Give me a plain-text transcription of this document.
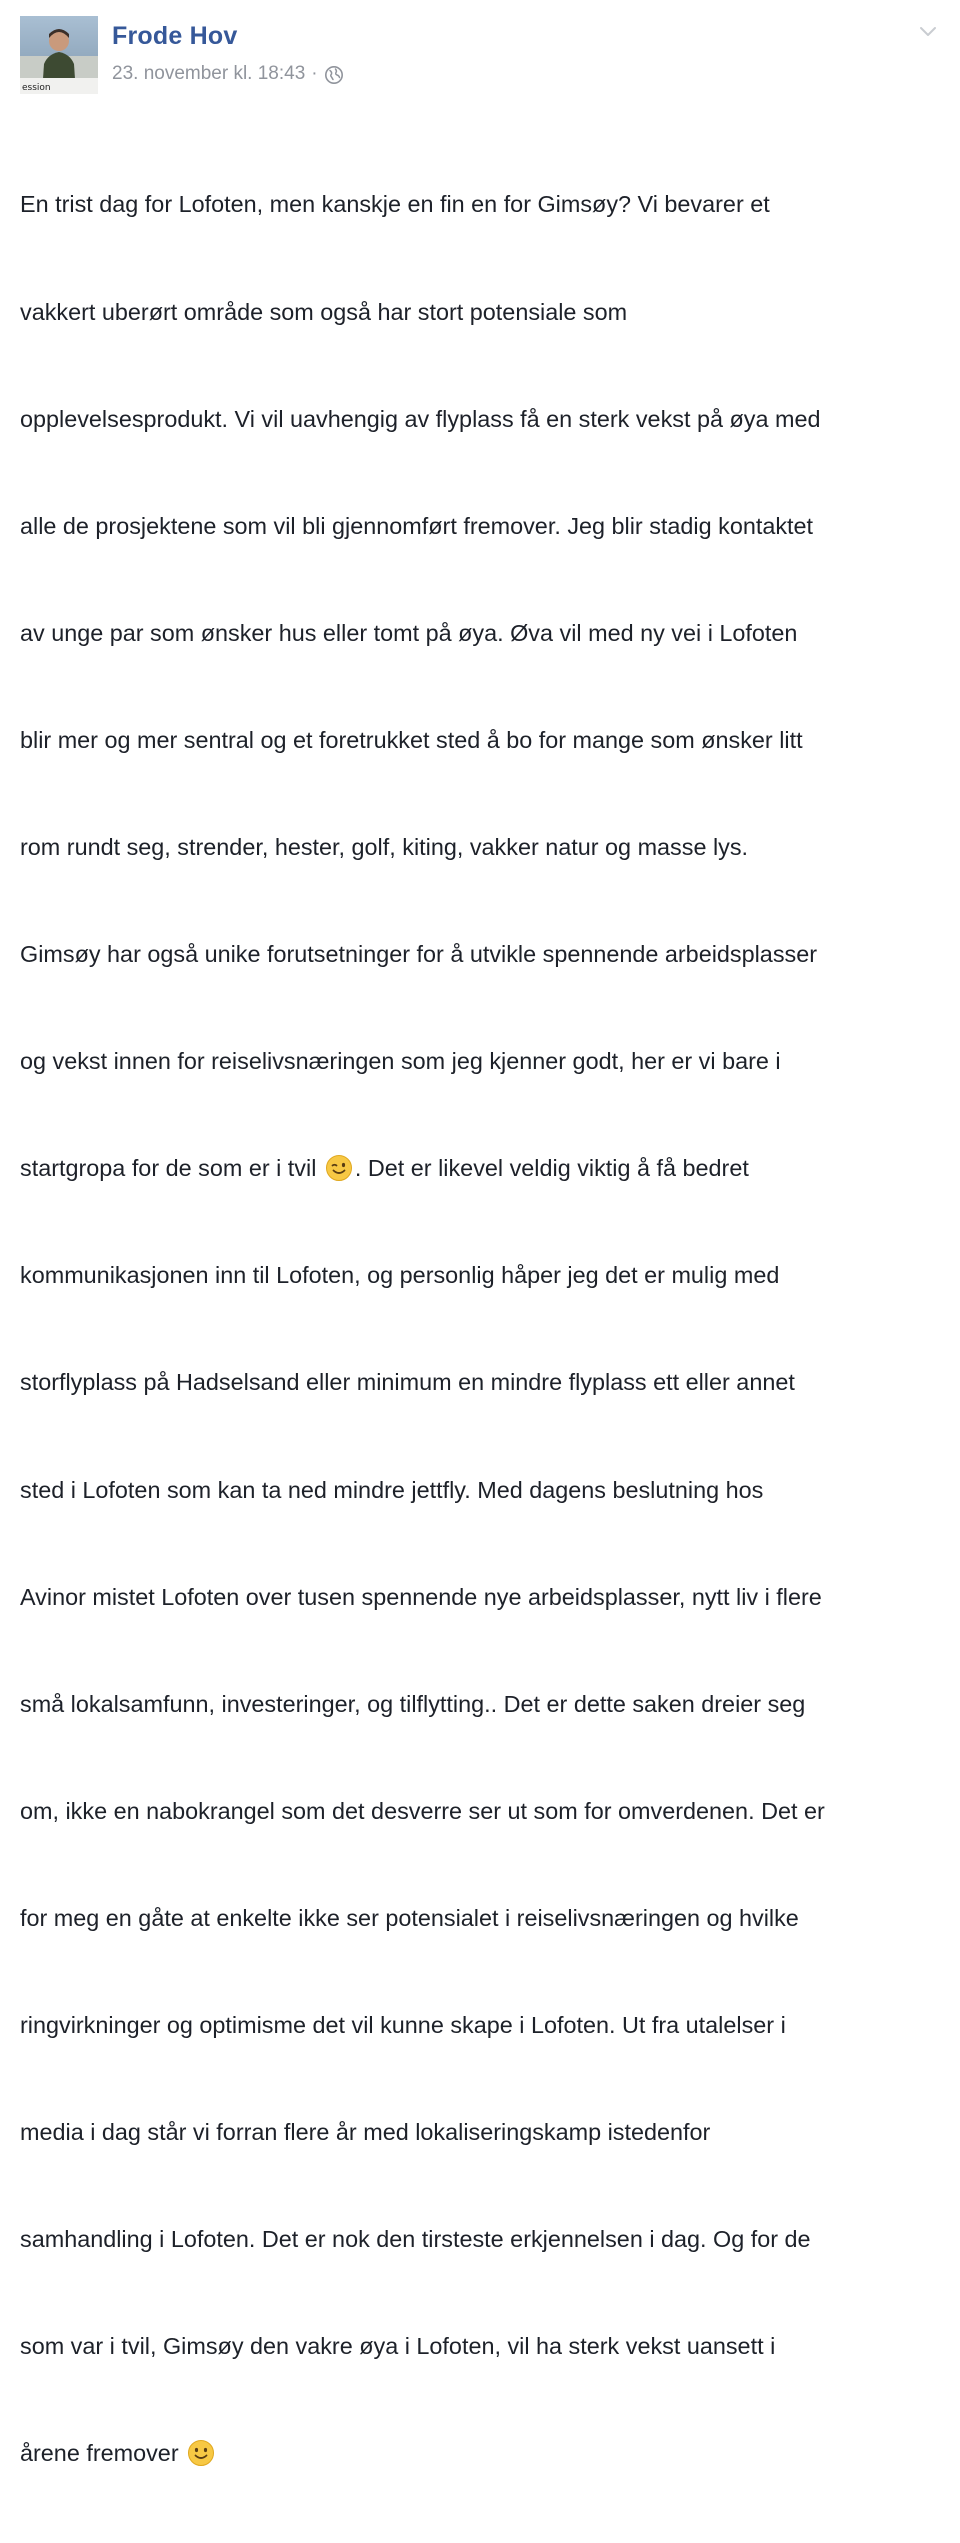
ession
Frode Hov
23. november kl. 18:43 ·

En trist dag for Lofoten, men kanskje en fin en for Gimsøy? Vi bevarer et

vakkert uberørt område som også har stort potensiale som

opplevelsesprodukt. Vi vil uavhengig av flyplass få en sterk vekst på øya med

alle de prosjektene som vil bli gjennomført fremover. Jeg blir stadig kontaktet

av unge par som ønsker hus eller tomt på øya. Øva vil med ny vei i Lofoten

blir mer og mer sentral og et foretrukket sted å bo for mange som ønsker litt

rom rundt seg, strender, hester, golf, kiting, vakker natur og masse lys.

Gimsøy har også unike forutsetninger for å utvikle spennende arbeidsplasser

og vekst innen for reiselivsnæringen som jeg kjenner godt, her er vi bare i

startgropa for de som er i tvil . Det er likevel veldig viktig å få bedret

kommunikasjonen inn til Lofoten, og personlig håper jeg det er mulig med

storflyplass på Hadselsand eller minimum en mindre flyplass ett eller annet

sted i Lofoten som kan ta ned mindre jettfly. Med dagens beslutning hos

Avinor mistet Lofoten over tusen spennende nye arbeidsplasser, nytt liv i flere

små lokalsamfunn, investeringer, og tilflytting.. Det er dette saken dreier seg

om, ikke en nabokrangel som det desverre ser ut som for omverdenen. Det er

for meg en gåte at enkelte ikke ser potensialet i reiselivsnæringen og hvilke

ringvirkninger og optimisme det vil kunne skape i Lofoten. Ut fra utalelser i

media i dag står vi forran flere år med lokaliseringskamp istedenfor

samhandling i Lofoten. Det er nok den tirsteste erkjennelsen i dag. Og for de

som var i tvil, Gimsøy den vakre øya i Lofoten, vil ha sterk vekst uansett i

årene fremover
